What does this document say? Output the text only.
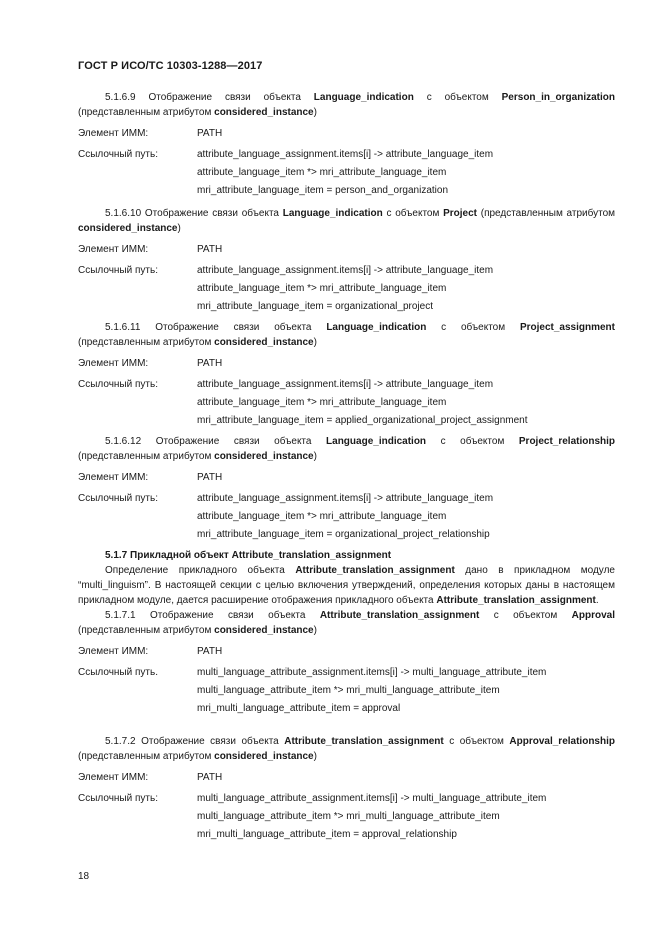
ГОСТ Р ИСО/ТС 10303-1288—2017

5.1.6.9 Отображение связи объекта Language_indication с объектом Person_in_organization (представленным атрибутом considered_instance)

Элемент ИММ:	PATH
Ссылочный путь:	attribute_language_assignment.items[i] -> attribute_language_item
attribute_language_item *> mri_attribute_language_item
mri_attribute_language_item = person_and_organization

5.1.6.10 Отображение связи объекта Language_indication с объектом Project (представленным атрибутом considered_instance)

Элемент ИММ:	PATH
Ссылочный путь:	attribute_language_assignment.items[i] -> attribute_language_item
attribute_language_item *> mri_attribute_language_item
mri_attribute_language_item = organizational_project

5.1.6.11 Отображение связи объекта Language_indication с объектом Project_assignment (представленным атрибутом considered_instance)

Элемент ИММ:	PATH
Ссылочный путь:	attribute_language_assignment.items[i] -> attribute_language_item
attribute_language_item *> mri_attribute_language_item
mri_attribute_language_item = applied_organizational_project_assignment

5.1.6.12 Отображение связи объекта Language_indication с объектом Project_relationship (представленным атрибутом considered_instance)

Элемент ИММ:	PATH
Ссылочный путь:	attribute_language_assignment.items[i] -> attribute_language_item
attribute_language_item *> mri_attribute_language_item
mri_attribute_language_item = organizational_project_relationship

5.1.7 Прикладной объект Attribute_translation_assignment

Определение прикладного объекта Attribute_translation_assignment дано в прикладном модуле “multi_linguism”. В настоящей секции с целью включения утверждений, определения которых даны в настоящем прикладном модуле, дается расширение отображения прикладного объекта Attribute_translation_assignment.

5.1.7.1 Отображение связи объекта Attribute_translation_assignment с объектом Approval (представленным атрибутом considered_instance)

Элемент ИММ:	PATH
Ссылочный путь.	multi_language_attribute_assignment.items[i] -> multi_language_attribute_item
multi_language_attribute_item *> mri_multi_language_attribute_item
mri_multi_language_attribute_item = approval

5.1.7.2 Отображение связи объекта Attribute_translation_assignment с объектом Approval_relationship (представленным атрибутом considered_instance)

Элемент ИММ:	PATH
Ссылочный путь:	multi_language_attribute_assignment.items[i] -> multi_language_attribute_item
multi_language_attribute_item *> mri_multi_language_attribute_item
mri_multi_language_attribute_item = approval_relationship
18
